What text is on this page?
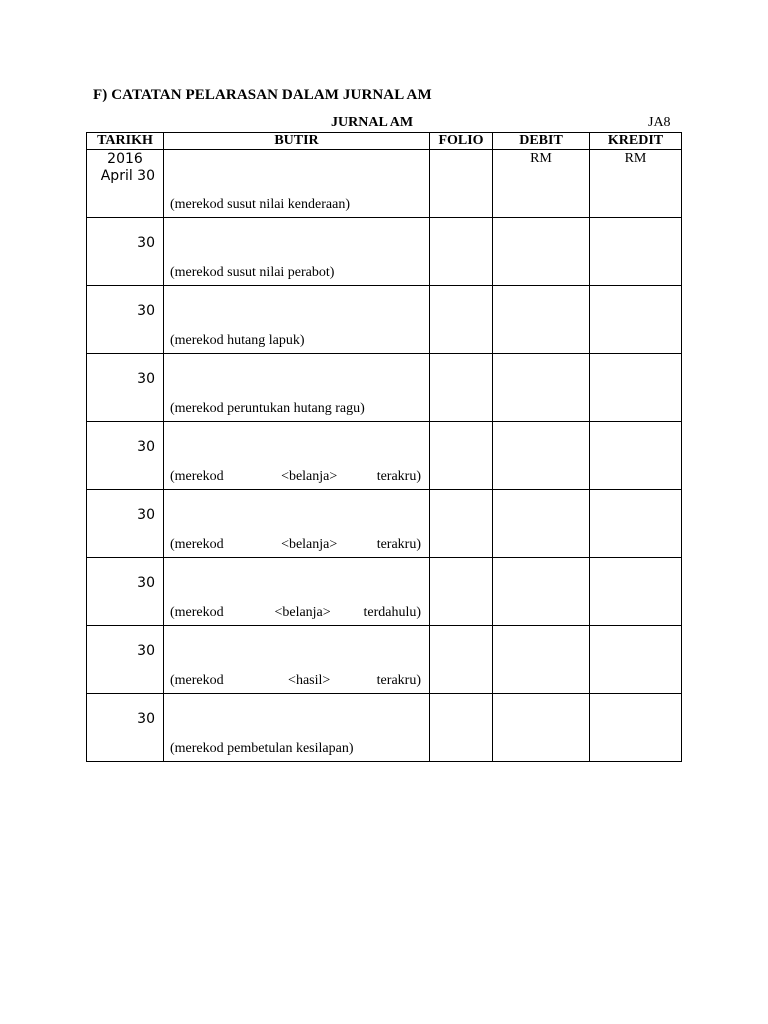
F) CATATAN PELARASAN DALAM JURNAL AM
JURNAL AM	JA8
TARIKH	BUTIR	FOLIO	DEBIT	KREDIT

2016
April 30	(merekod susut nilai kenderaan)		RM	RM

30	(merekod susut nilai perabot)			

30	(merekod hutang lapuk)			

30	(merekod peruntukan hutang ragu)			

30	(merekod <belanja> terakru)			

30	(merekod <belanja> terakru)			

30	(merekod <belanja> terdahulu)			

30	(merekod <hasil> terakru)			

30	(merekod pembetulan kesilapan)			
